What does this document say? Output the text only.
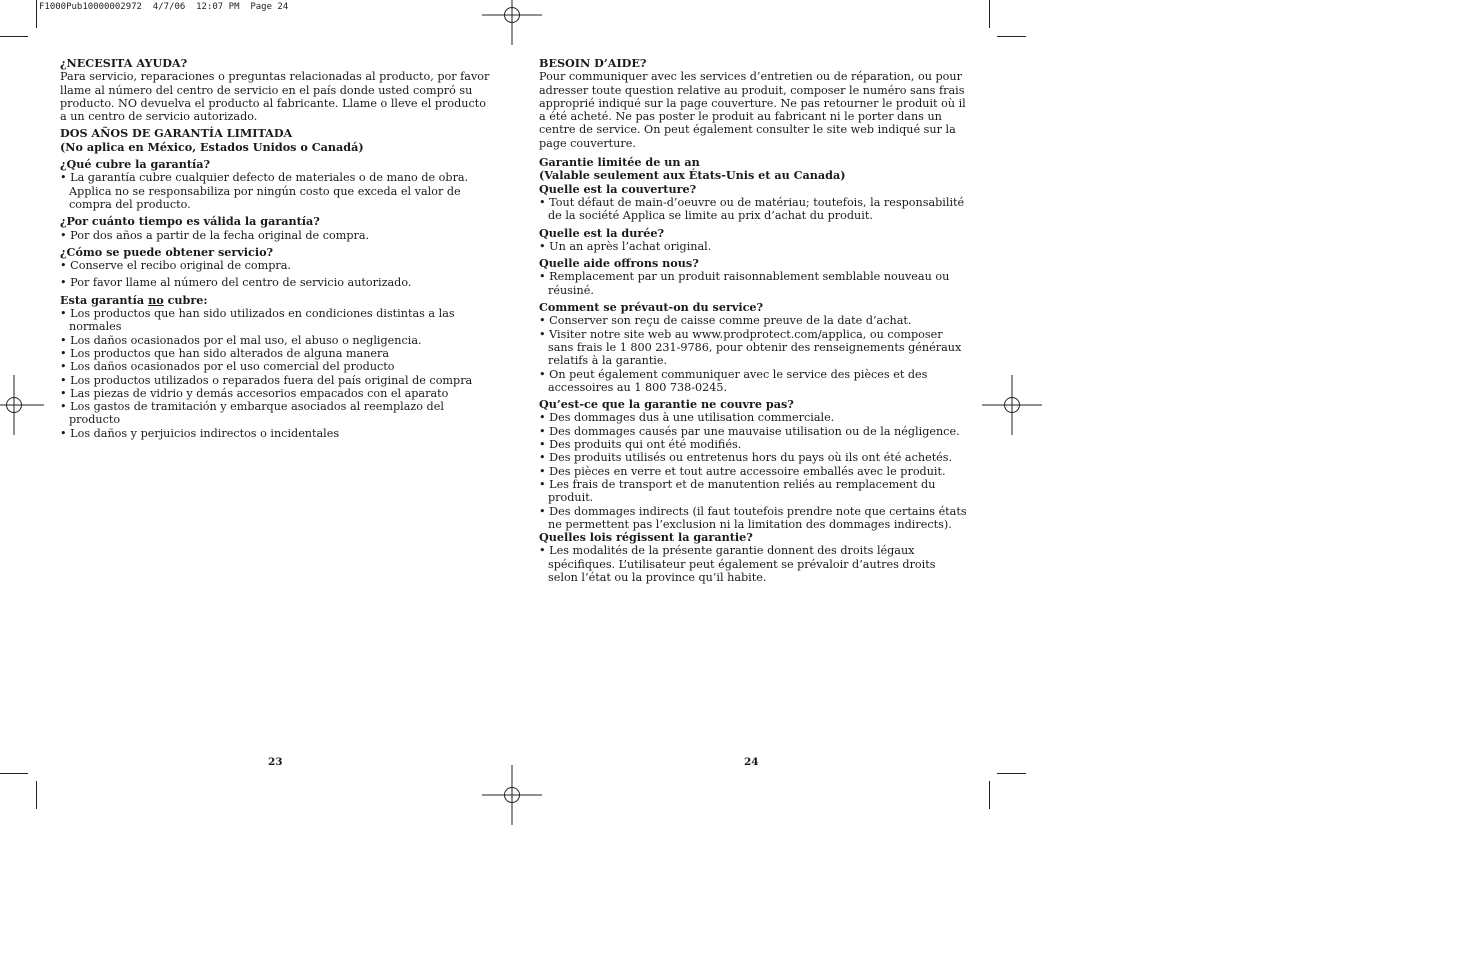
F1000Pub10000002972  4/7/06  12:07 PM  Page 24

¿NECESITA AYUDA?

Para servicio, reparaciones o preguntas relacionadas al producto, por favor llame al número del centro de servicio en el país donde usted compró su producto. NO devuelva el producto al fabricante. Llame o lleve el producto a un centro de servicio autorizado.

DOS AÑOS DE GARANTÍA LIMITADA

(No aplica en México, Estados Unidos o Canadá)

¿Qué cubre la garantía?

• La garantía cubre cualquier defecto de materiales o de mano de obra. Applica no se responsabiliza por ningún costo que exceda el valor de compra del producto.

¿Por cuánto tiempo es válida la garantía?

• Por dos años a partir de la fecha original de compra.

¿Cómo se puede obtener servicio?

• Conserve el recibo original de compra.

• Por favor llame al número del centro de servicio autorizado.

Esta garantía no cubre:

• Los productos que han sido utilizados en condiciones distintas a las normales

• Los daños ocasionados por el mal uso, el abuso o negligencia.

• Los productos que han sido alterados de alguna manera

• Los daños ocasionados por el uso comercial del producto

• Los productos utilizados o reparados fuera del país original de compra

• Las piezas de vidrio y demás accesorios empacados con el aparato

• Los gastos de tramitación y embarque asociados al reemplazo del producto

• Los daños y perjuicios indirectos o incidentales

BESOIN D’AIDE?

Pour communiquer avec les services d’entretien ou de réparation, ou pour adresser toute question relative au produit, composer le numéro sans frais approprié indiqué sur la page couverture. Ne pas retourner le produit où il a été acheté. Ne pas poster le produit au fabricant ni le porter dans un centre de service. On peut également consulter le site web indiqué sur la page couverture.

Garantie limitée de un an

(Valable seulement aux États-Unis et au Canada)

Quelle est la couverture?

• Tout défaut de main-d’oeuvre ou de matériau; toutefois, la responsabilité de la société Applica se limite au prix d’achat du produit.

Quelle est la durée?

• Un an après l’achat original.

Quelle aide offrons nous?

• Remplacement par un produit raisonnablement semblable nouveau ou réusiné.

Comment se prévaut-on du service?

• Conserver son reçu de caisse comme preuve de la date d’achat.

• Visiter notre site web au www.prodprotect.com/applica, ou composer sans frais le 1 800 231-9786, pour obtenir des renseignements généraux relatifs à la garantie.

• On peut également communiquer avec le service des pièces et des accessoires au 1 800 738-0245.

Qu’est-ce que la garantie ne couvre pas?

• Des dommages dus à une utilisation commerciale.

• Des dommages causés par une mauvaise utilisation ou de la négligence.

• Des produits qui ont été modifiés.

• Des produits utilisés ou entretenus hors du pays où ils ont été achetés.

• Des pièces en verre et tout autre accessoire emballés avec le produit.

• Les frais de transport et de manutention reliés au remplacement du produit.

• Des dommages indirects (il faut toutefois prendre note que certains états ne permettent pas l’exclusion ni la limitation des dommages indirects).

Quelles lois régissent la garantie?

• Les modalités de la présente garantie donnent des droits légaux spécifiques. L’utilisateur peut également se prévaloir d’autres droits selon l’état ou la province qu’il habite.

23	24
